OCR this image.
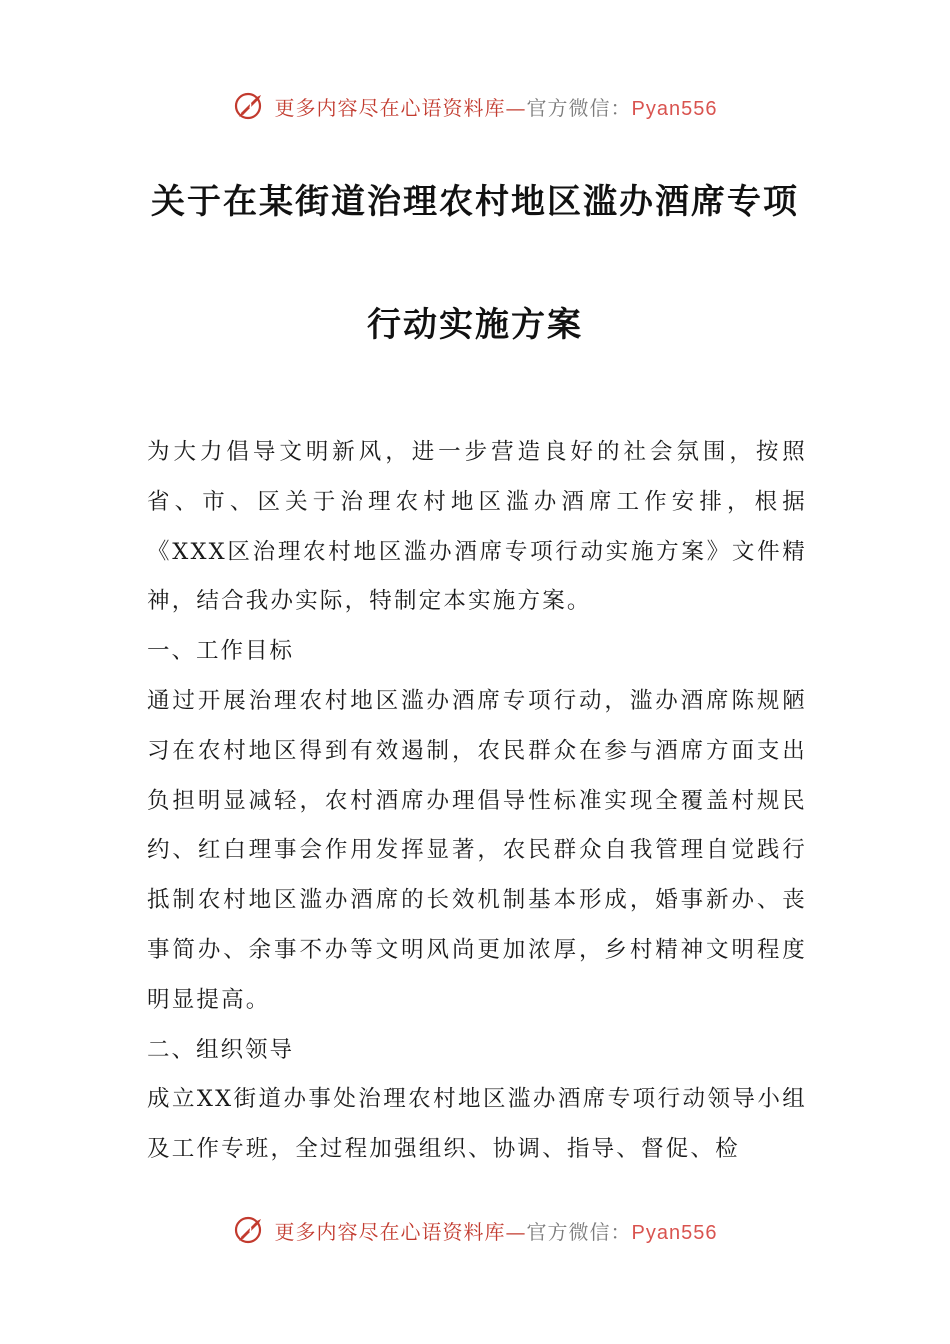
更多内容尽在心语资料库—官方微信：Pyan556
关于在某街道治理农村地区滥办酒席专项
行动实施方案

为大力倡导文明新风，进一步营造良好的社会氛围，按照省、市、区关于治理农村地区滥办酒席工作安排，根据《XXX区治理农村地区滥办酒席专项行动实施方案》文件精神，结合我办实际，特制定本实施方案。

一、工作目标

通过开展治理农村地区滥办酒席专项行动，滥办酒席陈规陋习在农村地区得到有效遏制，农民群众在参与酒席方面支出负担明显减轻，农村酒席办理倡导性标准实现全覆盖村规民约、红白理事会作用发挥显著，农民群众自我管理自觉践行抵制农村地区滥办酒席的长效机制基本形成，婚事新办、丧事简办、余事不办等文明风尚更加浓厚，乡村精神文明程度明显提高。

二、组织领导

成立XX街道办事处治理农村地区滥办酒席专项行动领导小组及工作专班，全过程加强组织、协调、指导、督促、检

更多内容尽在心语资料库—官方微信：Pyan556
